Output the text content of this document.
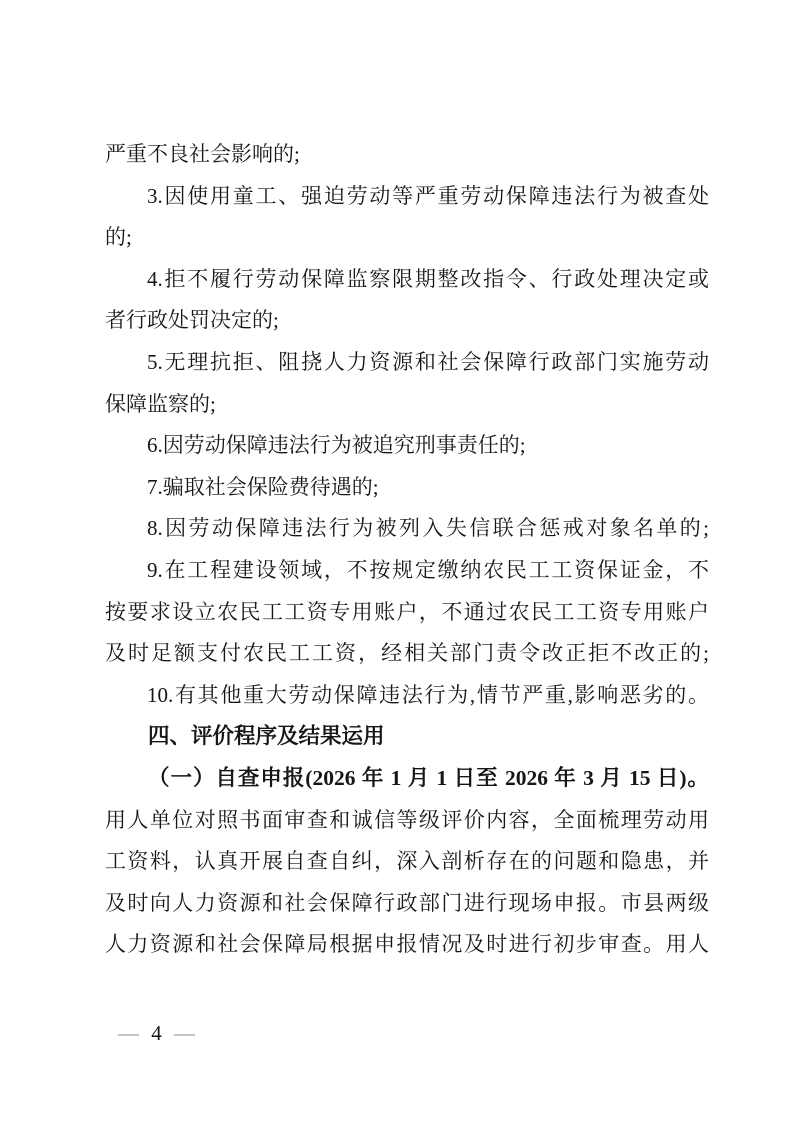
严重不良社会影响的;
3.因使用童工、强迫劳动等严重劳动保障违法行为被查处
的;
4.拒不履行劳动保障监察限期整改指令、行政处理决定或
者行政处罚决定的;
5.无理抗拒、阻挠人力资源和社会保障行政部门实施劳动
保障监察的;
6.因劳动保障违法行为被追究刑事责任的;
7.骗取社会保险费待遇的;
8.因劳动保障违法行为被列入失信联合惩戒对象名单的;
9.在工程建设领域，不按规定缴纳农民工工资保证金，不
按要求设立农民工工资专用账户，不通过农民工工资专用账户
及时足额支付农民工工资，经相关部门责令改正拒不改正的;
10.有其他重大劳动保障违法行为,情节严重,影响恶劣的。
四、评价程序及结果运用
（一）自查申报(2026 年 1 月 1 日至 2026 年 3 月 15 日)。
用人单位对照书面审查和诚信等级评价内容，全面梳理劳动用
工资料，认真开展自查自纠，深入剖析存在的问题和隐患，并
及时向人力资源和社会保障行政部门进行现场申报。市县两级
人力资源和社会保障局根据申报情况及时进行初步审查。用人
— 4 —
